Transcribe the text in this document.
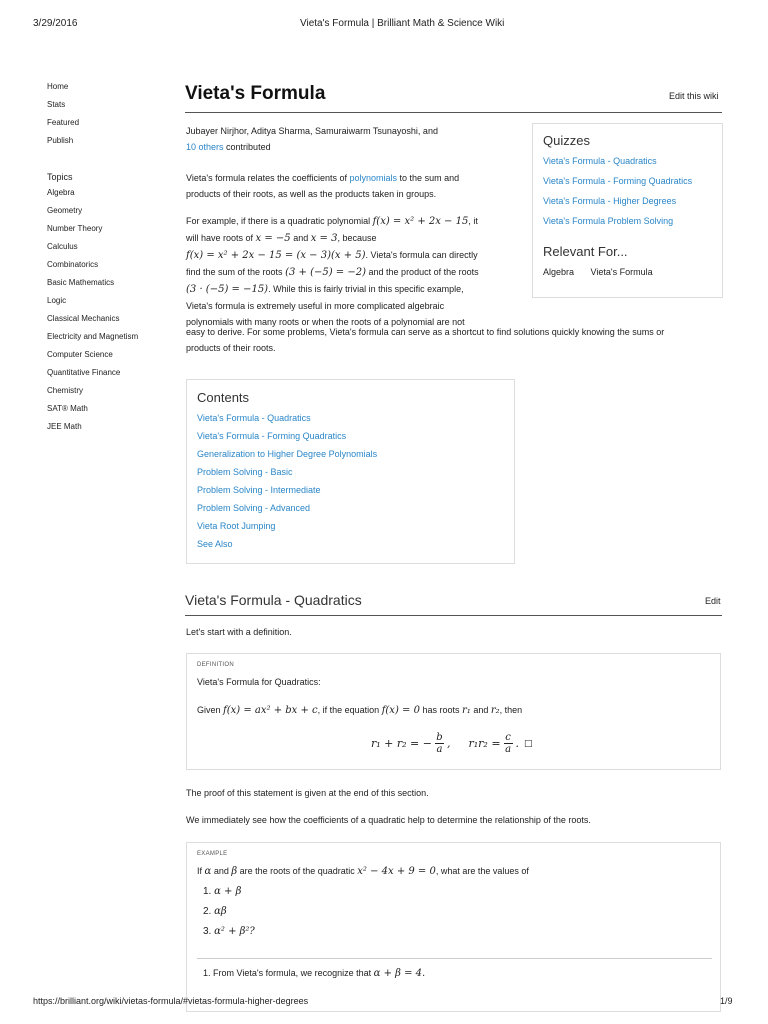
3/29/2016	Vieta's Formula | Brilliant Math & Science Wiki
Home
Stats
Featured
Publish
Topics
Algebra
Geometry
Number Theory
Calculus
Combinatorics
Basic Mathematics
Logic
Classical Mechanics
Electricity and Magnetism
Computer Science
Quantitative Finance
Chemistry
SAT® Math
JEE Math
Vieta's Formula	Edit this wiki
Jubayer Nirjhor, Aditya Sharma, Samuraiwarm Tsunayoshi, and
10 others contributed
Vieta's formula relates the coefficients of polynomials to the sum and
products of their roots, as well as the products taken in groups.
For example, if there is a quadratic polynomial f(x) = x² + 2x − 15, it
will have roots of x = −5 and x = 3, because
f(x) = x² + 2x − 15 = (x − 3)(x + 5). Vieta's formula can directly
find the sum of the roots (3 + (−5) = −2) and the product of the roots
(3 · (−5) = −15). While this is fairly trivial in this specific example,
Vieta's formula is extremely useful in more complicated algebraic
polynomials with many roots or when the roots of a polynomial are not
easy to derive. For some problems, Vieta's formula can serve as a shortcut to find solutions quickly knowing the sums or
products of their roots.
Quizzes
Vieta's Formula - Quadratics
Vieta's Formula - Forming Quadratics
Vieta's Formula - Higher Degrees
Vieta's Formula Problem Solving
Relevant For...
Algebra Vieta's Formula
Contents
Vieta's Formula - Quadratics
Vieta's Formula - Forming Quadratics
Generalization to Higher Degree Polynomials
Problem Solving - Basic
Problem Solving - Intermediate
Problem Solving - Advanced
Vieta Root Jumping
See Also
Vieta's Formula - Quadratics	Edit
Let's start with a definition.
DEFINITION
Vieta's Formula for Quadratics:
Given f(x) = ax² + bx + c, if the equation f(x) = 0 has roots r₁ and r₂, then
r₁ + r₂ = − b
a , r₁r₂ = c
a . □
The proof of this statement is given at the end of this section.
We immediately see how the coefficients of a quadratic help to determine the relationship of the roots.
EXAMPLE
If α and β are the roots of the quadratic x² − 4x + 9 = 0, what are the values of
1. α + β
2. αβ
3. α² + β²?
1. From Vieta's formula, we recognize that α + β = 4.
https://brilliant.org/wiki/vietas-formula/#vietas-formula-higher-degrees	1/9
